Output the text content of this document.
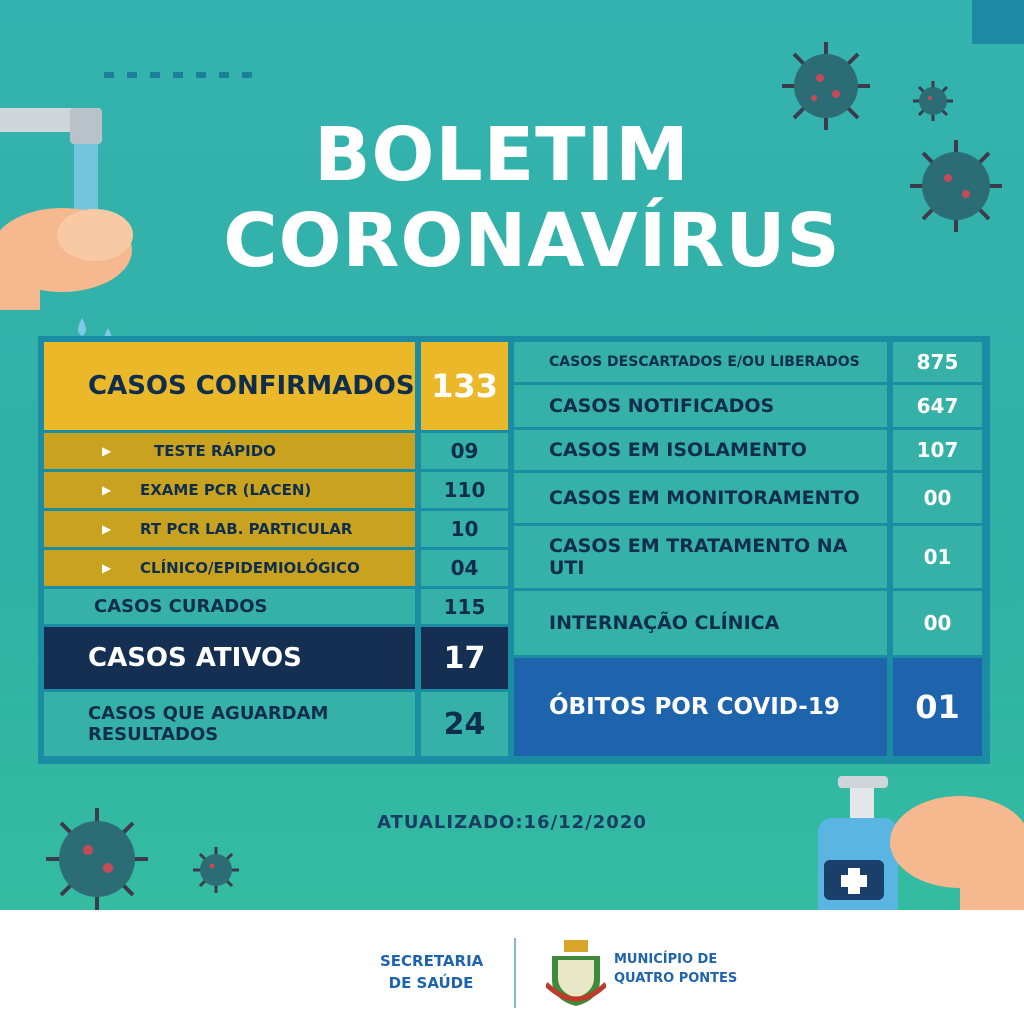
BOLETIM
CORONAVÍRUS
CASOS CONFIRMADOS 133
▶	TESTE RÁPIDO	09
▶ EXAME PCR (LACEN)	110
▶ RT PCR LAB. PARTICULAR	10
▶ CLÍNICO/EPIDEMIOLÓGICO	04
CASOS CURADOS	115
CASOS ATIVOS	17
CASOS QUE AGUARDAM
RESULTADOS	24
CASOS DESCARTADOS E/OU LIBERADOS	875
CASOS NOTIFICADOS	647
CASOS EM ISOLAMENTO	107
CASOS EM MONITORAMENTO	00
CASOS EM TRATAMENTO NA UTI	01
INTERNAÇÃO CLÍNICA	00
ÓBITOS POR COVID-19	01
ATUALIZADO:16/12/2020
SECRETARIA
DE SAÚDE
MUNICÍPIO DE
QUATRO PONTES
